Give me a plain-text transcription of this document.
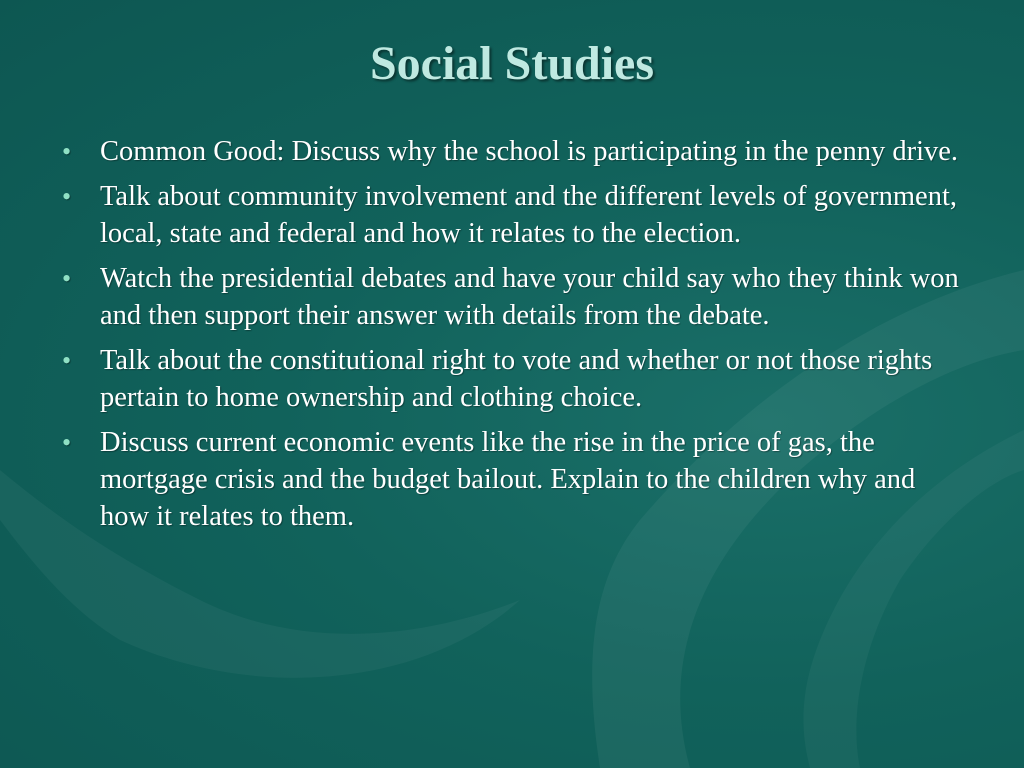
Social Studies
• Common Good: Discuss why the school is participating in the penny drive.
• Talk about community involvement and the different levels of government, local, state and federal and how it relates to the election.
• Watch the presidential debates and have your child say who they think won and then support their answer with details from the debate.
• Talk about the constitutional right to vote and whether or not those rights pertain to home ownership and clothing choice.
• Discuss current economic events like the rise in the price of gas, the mortgage crisis and the budget bailout. Explain to the children why and how it relates to them.
